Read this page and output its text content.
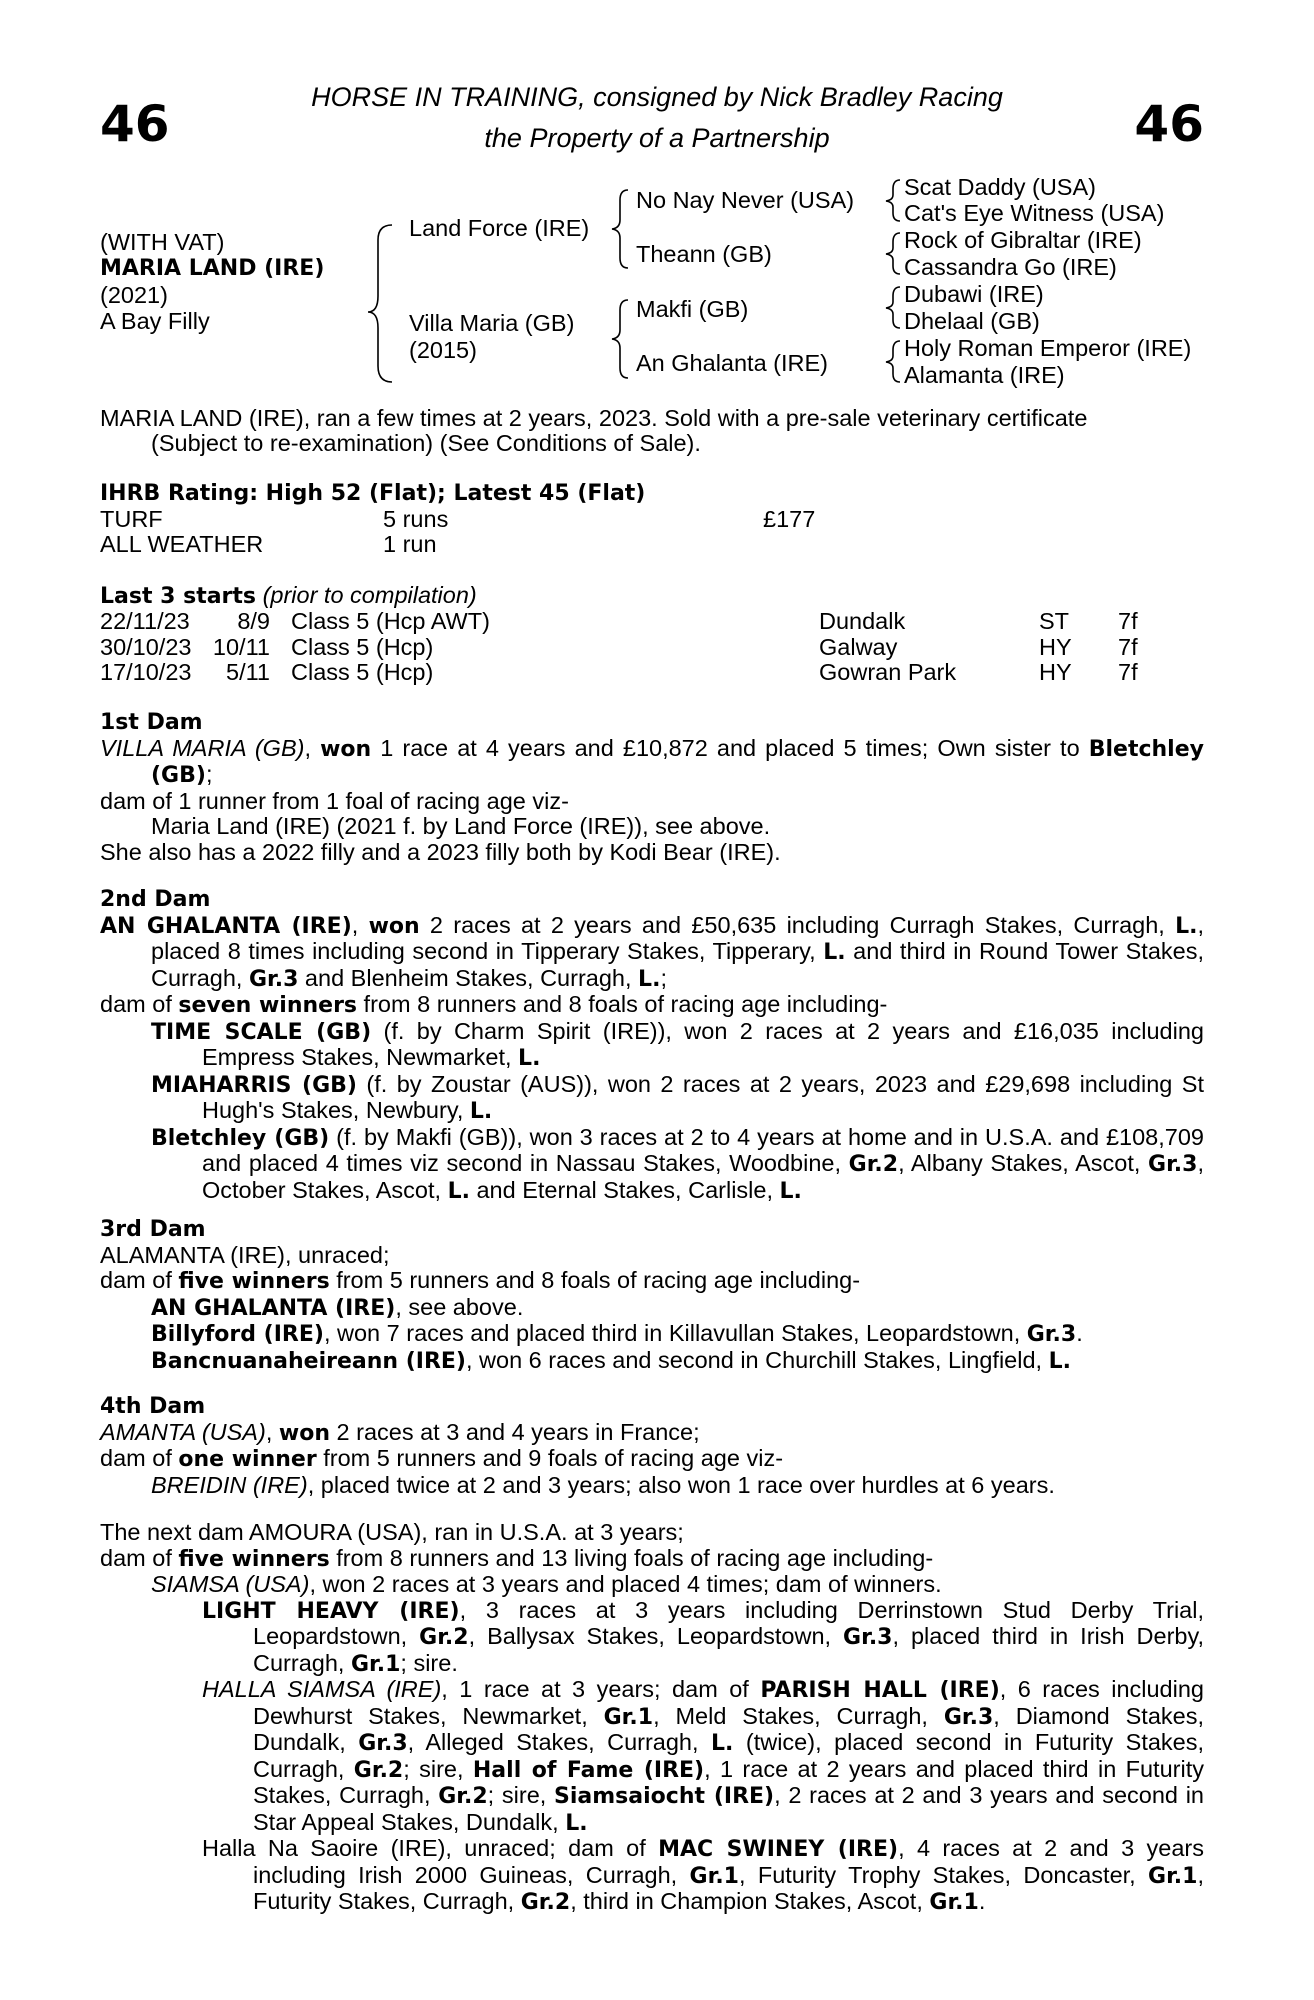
46	46
HORSE IN TRAINING, consigned by Nick Bradley Racing
the Property of a Partnership
(WITH VAT)
MARIA LAND (IRE)
(2021)
A Bay Filly
Land Force (IRE)
Villa Maria (GB)
(2015)
No Nay Never (USA)
Theann (GB)
Makfi (GB)
An Ghalanta (IRE)
Scat Daddy (USA)
Cat's Eye Witness (USA)
Rock of Gibraltar (IRE)
Cassandra Go (IRE)
Dubawi (IRE)
Dhelaal (GB)
Holy Roman Emperor (IRE)
Alamanta (IRE)
MARIA LAND (IRE), ran a few times at 2 years, 2023. Sold with a pre-sale veterinary certificate
(Subject to re-examination) (See Conditions of Sale).
IHRB Rating: High 52 (Flat); Latest 45 (Flat)
TURF	5 runs	£177
ALL WEATHER	1 run
Last 3 starts (prior to compilation)
22/11/23 8/9 Class 5 (Hcp AWT)	Dundalk	ST 7f
30/10/23 10/11 Class 5 (Hcp)	Galway	HY 7f
17/10/23 5/11 Class 5 (Hcp)	Gowran Park	HY 7f
1st Dam
VILLA MARIA (GB), won 1 race at 4 years and £10,872 and placed 5 times; Own sister to Bletchley (GB);
dam of 1 runner from 1 foal of racing age viz-
Maria Land (IRE) (2021 f. by Land Force (IRE)), see above.
She also has a 2022 filly and a 2023 filly both by Kodi Bear (IRE).
2nd Dam
AN GHALANTA (IRE), won 2 races at 2 years and £50,635 including Curragh Stakes, Curragh, L., placed 8 times including second in Tipperary Stakes, Tipperary, L. and third in Round Tower Stakes, Curragh, Gr.3 and Blenheim Stakes, Curragh, L.;
dam of seven winners from 8 runners and 8 foals of racing age including-
TIME SCALE (GB) (f. by Charm Spirit (IRE)), won 2 races at 2 years and £16,035 including Empress Stakes, Newmarket, L.
MIAHARRIS (GB) (f. by Zoustar (AUS)), won 2 races at 2 years, 2023 and £29,698 including St Hugh's Stakes, Newbury, L.
Bletchley (GB) (f. by Makfi (GB)), won 3 races at 2 to 4 years at home and in U.S.A. and £108,709 and placed 4 times viz second in Nassau Stakes, Woodbine, Gr.2, Albany Stakes, Ascot, Gr.3, October Stakes, Ascot, L. and Eternal Stakes, Carlisle, L.
3rd Dam
ALAMANTA (IRE), unraced;
dam of five winners from 5 runners and 8 foals of racing age including-
AN GHALANTA (IRE), see above.
Billyford (IRE), won 7 races and placed third in Killavullan Stakes, Leopardstown, Gr.3.
Bancnuanaheireann (IRE), won 6 races and second in Churchill Stakes, Lingfield, L.
4th Dam
AMANTA (USA), won 2 races at 3 and 4 years in France;
dam of one winner from 5 runners and 9 foals of racing age viz-
BREIDIN (IRE), placed twice at 2 and 3 years; also won 1 race over hurdles at 6 years.
The next dam AMOURA (USA), ran in U.S.A. at 3 years;
dam of five winners from 8 runners and 13 living foals of racing age including-
SIAMSA (USA), won 2 races at 3 years and placed 4 times; dam of winners.
LIGHT HEAVY (IRE), 3 races at 3 years including Derrinstown Stud Derby Trial, Leopardstown, Gr.2, Ballysax Stakes, Leopardstown, Gr.3, placed third in Irish Derby, Curragh, Gr.1; sire.
HALLA SIAMSA (IRE), 1 race at 3 years; dam of PARISH HALL (IRE), 6 races including Dewhurst Stakes, Newmarket, Gr.1, Meld Stakes, Curragh, Gr.3, Diamond Stakes, Dundalk, Gr.3, Alleged Stakes, Curragh, L. (twice), placed second in Futurity Stakes, Curragh, Gr.2; sire, Hall of Fame (IRE), 1 race at 2 years and placed third in Futurity Stakes, Curragh, Gr.2; sire, Siamsaiocht (IRE), 2 races at 2 and 3 years and second in Star Appeal Stakes, Dundalk, L.
Halla Na Saoire (IRE), unraced; dam of MAC SWINEY (IRE), 4 races at 2 and 3 years including Irish 2000 Guineas, Curragh, Gr.1, Futurity Trophy Stakes, Doncaster, Gr.1, Futurity Stakes, Curragh, Gr.2, third in Champion Stakes, Ascot, Gr.1.
